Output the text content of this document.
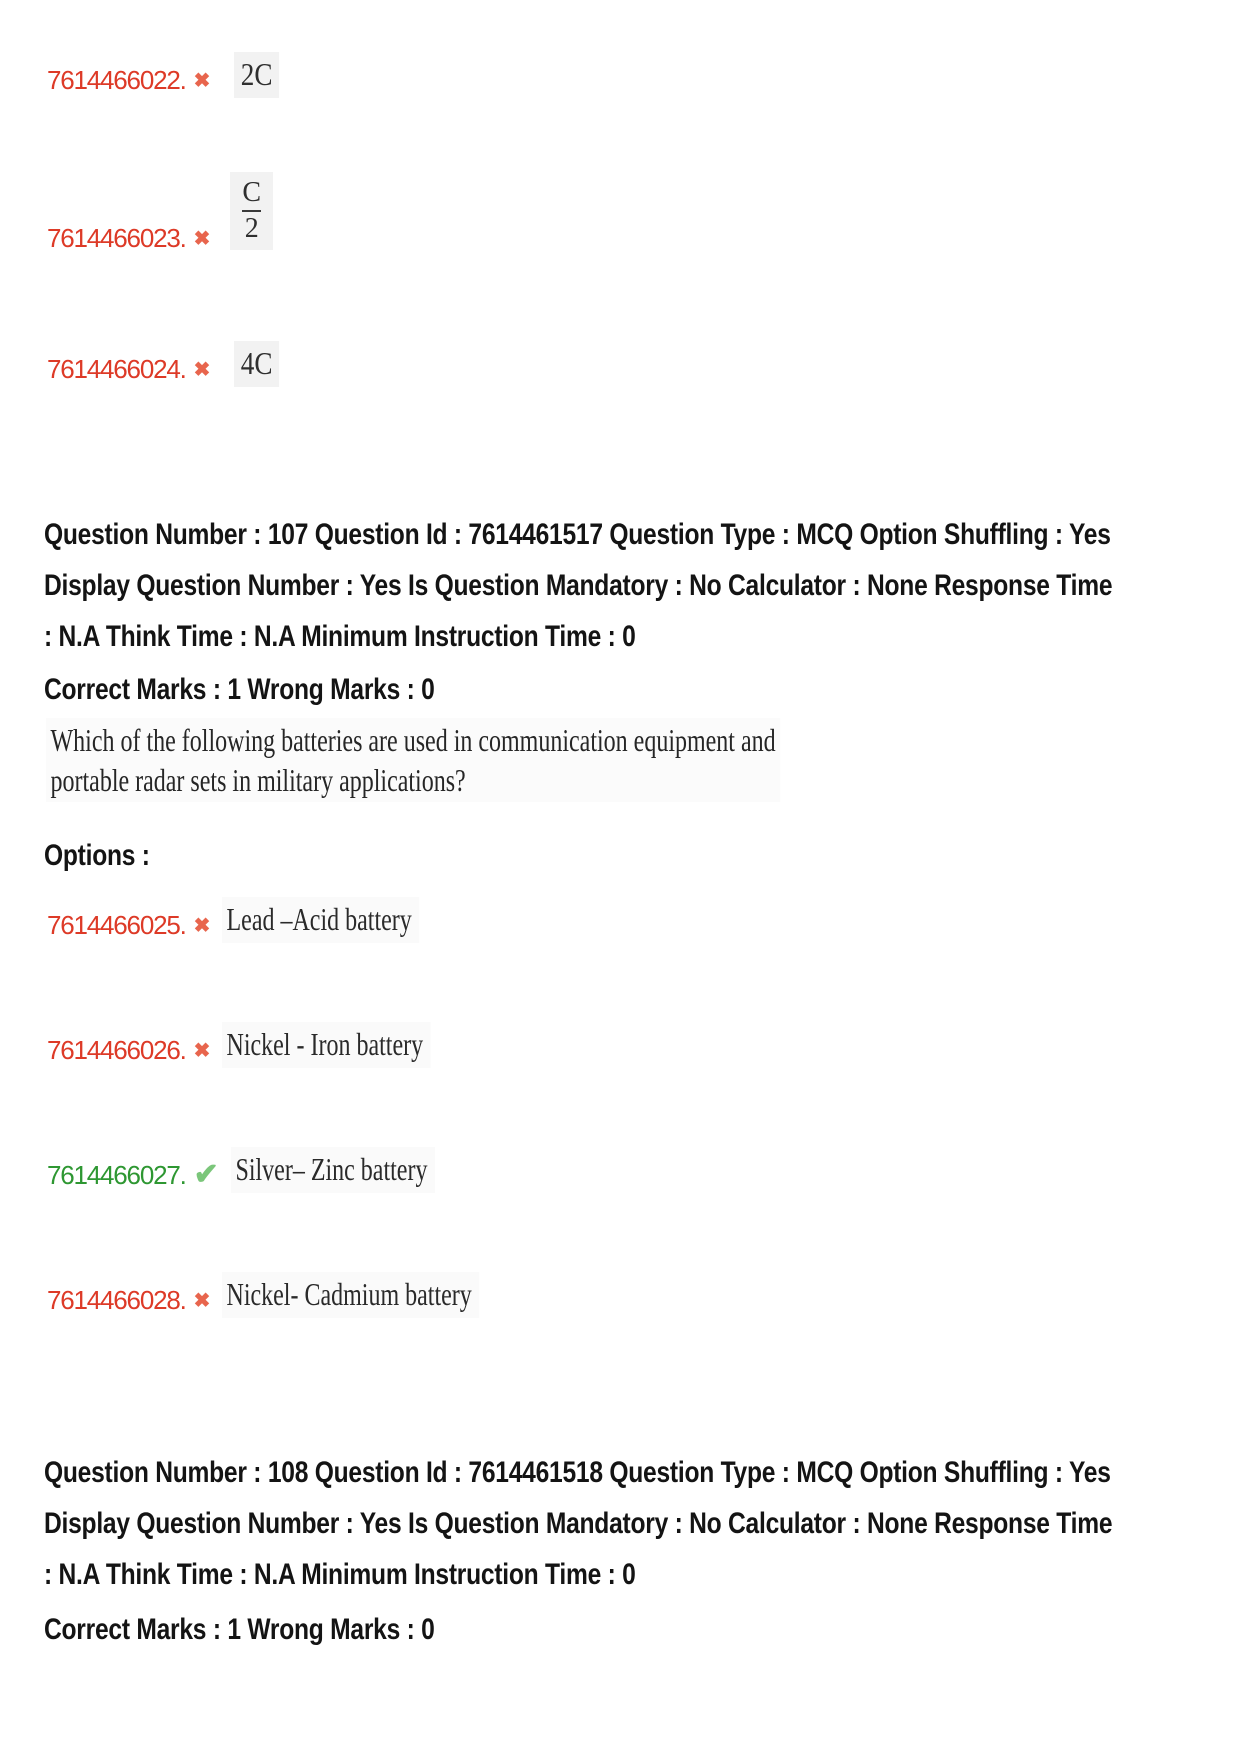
7614466022. ✖ 2C
7614466023. ✖ $\frac{C}{2}$
7614466024. ✖ 4C
Question Number : 107 Question Id : 7614461517 Question Type : MCQ Option Shuffling : Yes
Display Question Number : Yes Is Question Mandatory : No Calculator : None Response Time
: N.A Think Time : N.A Minimum Instruction Time : 0
Correct Marks : 1 Wrong Marks : 0
Which of the following batteries are used in communication equipment and
portable radar sets in military applications?
Options :
7614466025. ✖ Lead –Acid battery
7614466026. ✖ Nickel - Iron battery
7614466027. ✔ Silver– Zinc battery
7614466028. ✖ Nickel- Cadmium battery
Question Number : 108 Question Id : 7614461518 Question Type : MCQ Option Shuffling : Yes
Display Question Number : Yes Is Question Mandatory : No Calculator : None Response Time
: N.A Think Time : N.A Minimum Instruction Time : 0
Correct Marks : 1 Wrong Marks : 0
